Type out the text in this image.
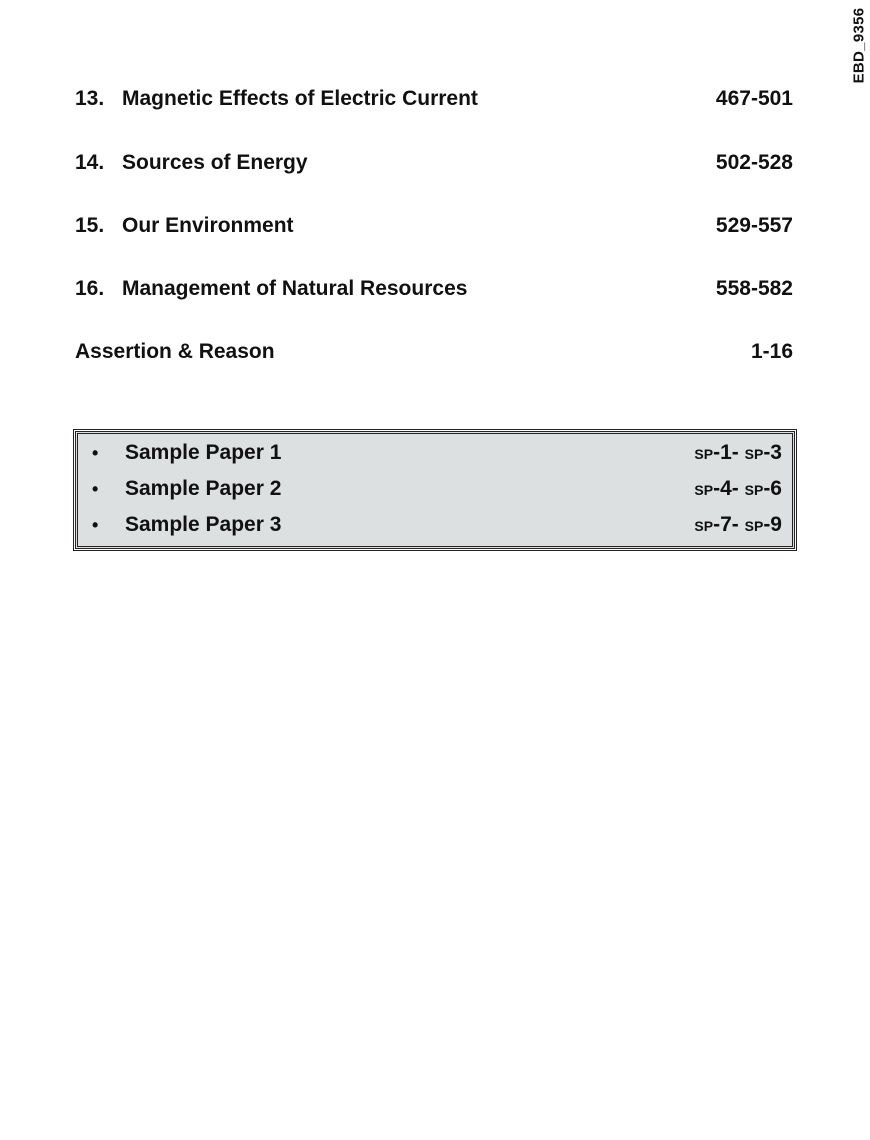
EBD_9356
13. Magnetic Effects of Electric Current	467-501
14. Sources of Energy	502-528
15. Our Environment	529-557
16. Management of Natural Resources	558-582
Assertion & Reason	1-16
•	Sample Paper 1	SP-1- SP-3
•	Sample Paper 2	SP-4- SP-6
•	Sample Paper 3	SP-7- SP-9
